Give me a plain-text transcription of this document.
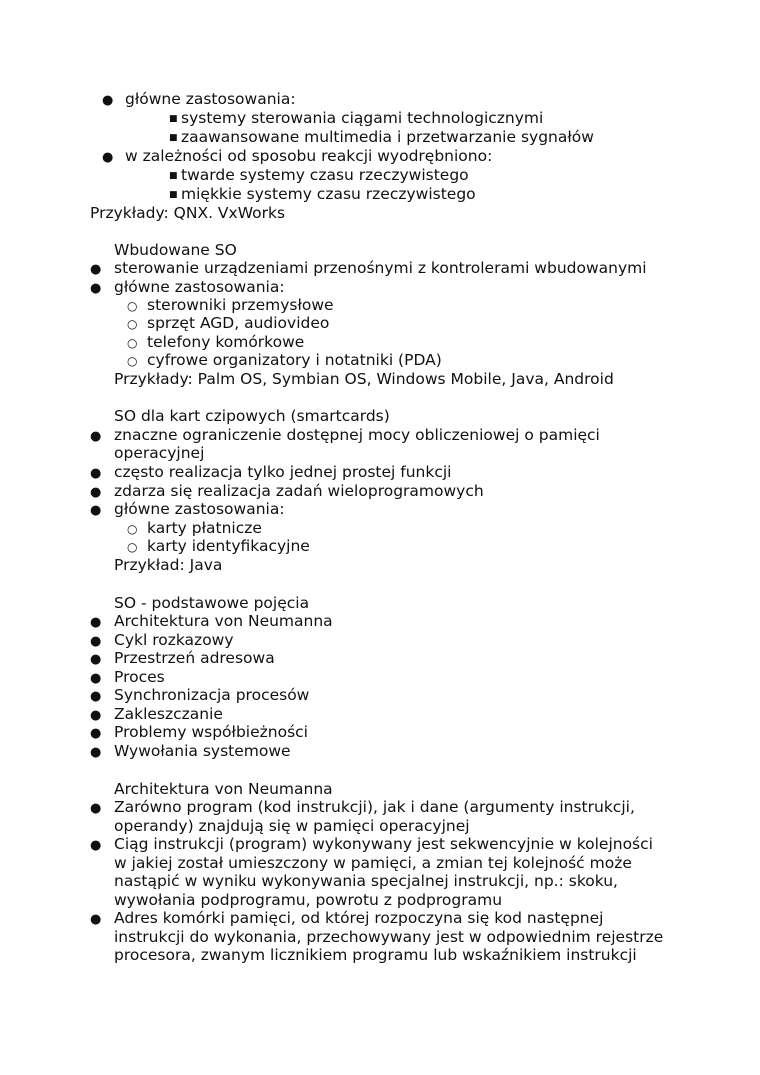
● główne zastosowania:
■ systemy sterowania ciągami technologicznymi
■ zaawansowane multimedia i przetwarzanie sygnałów
● w zależności od sposobu reakcji wyodrębniono:
■ twarde systemy czasu rzeczywistego
■ miękkie systemy czasu rzeczywistego
Przykłady: QNX. VxWorks
Wbudowane SO
● sterowanie urządzeniami przenośnymi z kontrolerami wbudowanymi
● główne zastosowania:
○ sterowniki przemysłowe
○ sprzęt AGD, audiovideo
○ telefony komórkowe
○ cyfrowe organizatory i notatniki (PDA)
Przykłady: Palm OS, Symbian OS, Windows Mobile, Java, Android
SO dla kart czipowych (smartcards)
● znaczne ograniczenie dostępnej mocy obliczeniowej o pamięci
operacyjnej
● często realizacja tylko jednej prostej funkcji
● zdarza się realizacja zadań wieloprogramowych
● główne zastosowania:
○ karty płatnicze
○ karty identyfikacyjne
Przykład: Java
SO - podstawowe pojęcia
● Architektura von Neumanna
● Cykl rozkazowy
● Przestrzeń adresowa
● Proces
● Synchronizacja procesów
● Zakleszczanie
● Problemy współbieżności
● Wywołania systemowe
Architektura von Neumanna
● Zarówno program (kod instrukcji), jak i dane (argumenty instrukcji,
operandy) znajdują się w pamięci operacyjnej
● Ciąg instrukcji (program) wykonywany jest sekwencyjnie w kolejności
w jakiej został umieszczony w pamięci, a zmian tej kolejność może
nastąpić w wyniku wykonywania specjalnej instrukcji, np.: skoku,
wywołania podprogramu, powrotu z podprogramu
● Adres komórki pamięci, od której rozpoczyna się kod następnej
instrukcji do wykonania, przechowywany jest w odpowiednim rejestrze
procesora, zwanym licznikiem programu lub wskaźnikiem instrukcji
